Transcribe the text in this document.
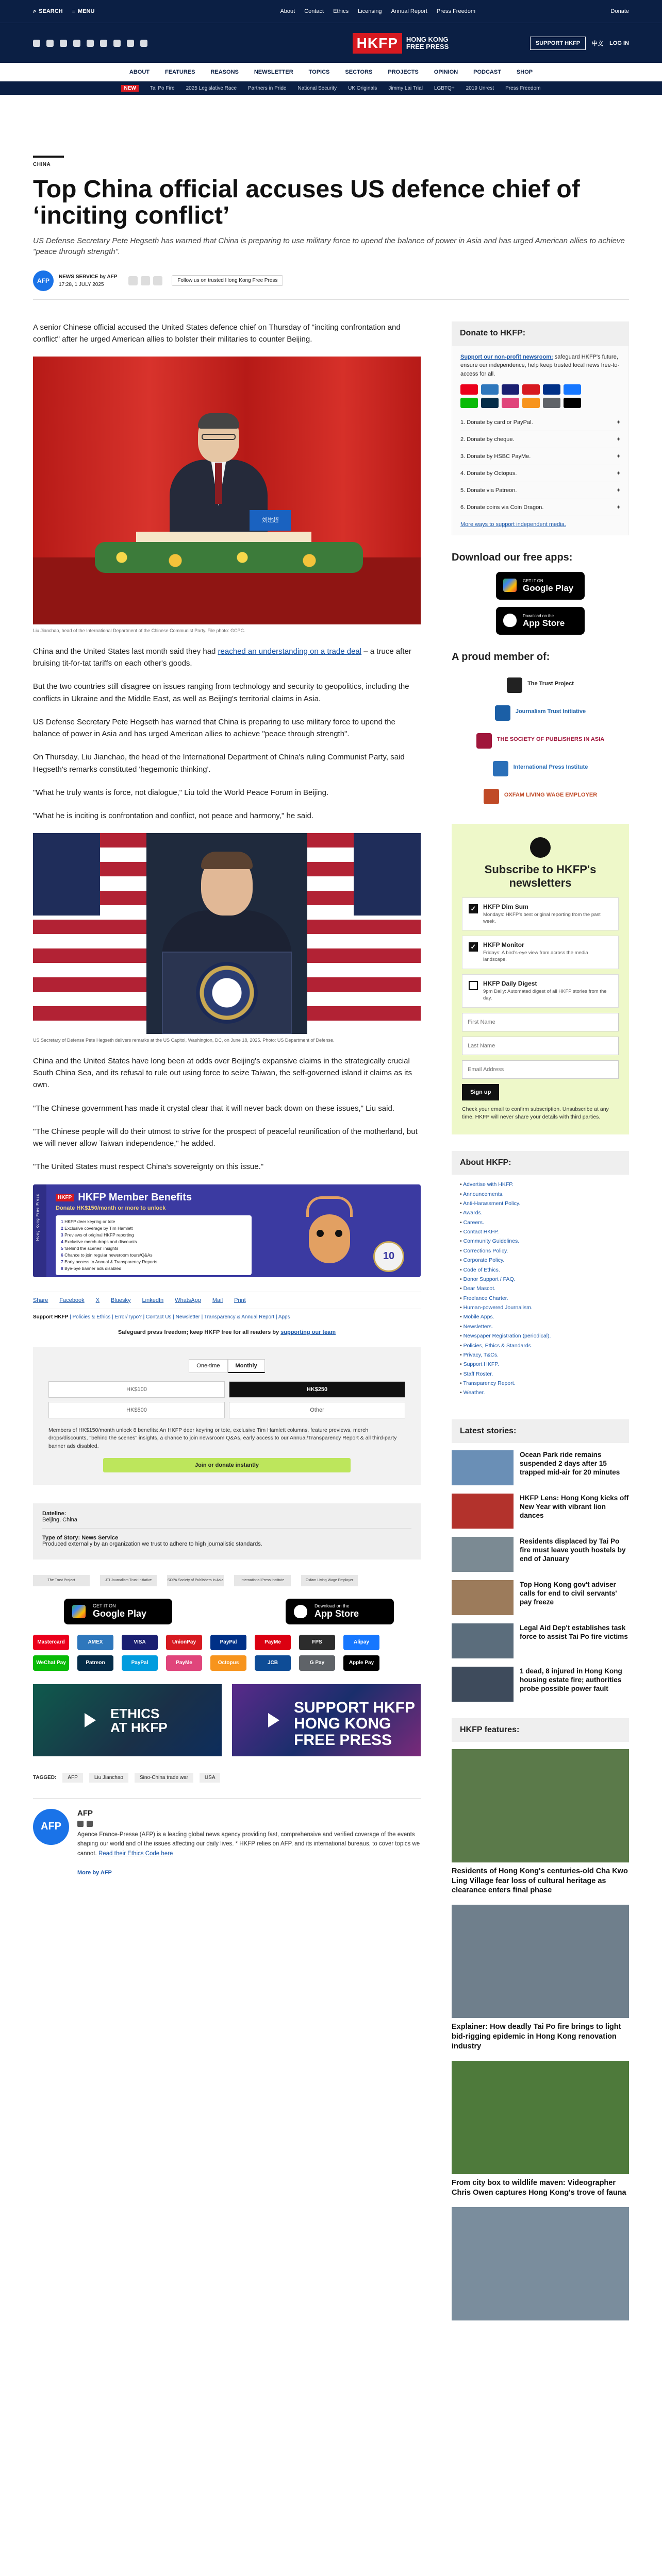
⌕ SEARCH ≡ MENU	About Contact Ethics Licensing Annual Report Press Freedom	Donate
HKFP	HONG KONG
FREE PRESS	SUPPORT HKFP	中文 LOG IN
ABOUT	FEATURES	REASONS	NEWSLETTER	TOPICS	SECTORS	PROJECTS	OPINION	PODCAST	SHOP
NEW	Tai Po Fire 2025 Legislative Race Partners in Pride National Security UK Originals Jimmy Lai Trial LGBTQ+ 2019 Unrest Press Freedom
CHINA
Top China official accuses US defence chief of ‘inciting conflict’
US Defense Secretary Pete Hegseth has warned that China is preparing to use military force to upend the balance of power in Asia and has urged American allies to achieve "peace through strength".
AFP
NEWS SERVICE by AFP
17:28, 1 JULY 2025
Follow us on trusted Hong Kong Free Press

A senior Chinese official accused the United States defence chief on Thursday of "inciting confrontation and conflict" after he urged American allies to bolster their militaries to counter Beijing.

刘建超
Liu Jianchao, head of the International Department of the Chinese Communist Party. File photo: GCPC.

China and the United States last month said they had reached an understanding on a trade deal – a truce after bruising tit-for-tat tariffs on each other's goods.

But the two countries still disagree on issues ranging from technology and security to geopolitics, including the conflicts in Ukraine and the Middle East, as well as Beijing's territorial claims in Asia.

US Defense Secretary Pete Hegseth has warned that China is preparing to use military force to upend the balance of power in Asia and has urged American allies to achieve "peace through strength".

On Thursday, Liu Jianchao, the head of the International Department of China's ruling Communist Party, said Hegseth's remarks constituted 'hegemonic thinking'.

"What he truly wants is force, not dialogue," Liu told the World Peace Forum in Beijing.

"What he is inciting is confrontation and conflict, not peace and harmony," he said.

US Secretary of Defense Pete Hegseth delivers remarks at the US Capitol, Washington, DC, on June 18, 2025. Photo: US Department of Defense.

China and the United States have long been at odds over Beijing's expansive claims in the strategically crucial South China Sea, and its refusal to rule out using force to seize Taiwan, the self-governed island it claims as its own.

"The Chinese government has made it crystal clear that it will never back down on these issues," Liu said.

"The Chinese people will do their utmost to strive for the prospect of peaceful reunification of the motherland, but we will never allow Taiwan independence," he added.

"The United States must respect China's sovereignty on this issue."

Hong Kong Free Press	HKFP HKFP Member Benefits
Donate HK$150/month or more to unlock
1 HKFP deer keyring or tote
2 Exclusive coverage by Tim Hamlett
3 Previews of original HKFP reporting
4 Exclusive merch drops and discounts
5 'Behind the scenes' insights
6 Chance to join regular newsroom tours/Q&As
7 Early access to Annual & Transparency Reports
8 Bye-bye banner ads disabled
10
Share Facebook X Bluesky LinkedIn WhatsApp Mail Print
Support HKFP | Policies & Ethics | Error/Typo? | Contact Us | Newsletter | Transparency & Annual Report | Apps
Safeguard press freedom; keep HKFP free for all readers by supporting our team
One-time	Monthly
HK$100	HK$250
HK$500	Other
Members of HK$150/month unlock 8 benefits: An HKFP deer keyring or tote, exclusive Tim Hamlett columns, feature previews, merch drops/discounts, "behind the scenes" insights, a chance to join newsroom Q&As, early access to our Annual/Transparency Report & all third-party banner ads disabled.
Join or donate instantly
Dateline:
Beijing, China
Type of Story: News Service
Produced externally by an organization we trust to adhere to high journalistic standards.
The Trust Project	JTI Journalism Trust Initiative	SOPA Society of Publishers in Asia	International Press Institute	Oxfam Living Wage Employer
GET IT ON
Google Play
Download on the
App Store
Mastercard	AMEX	VISA	UnionPay	PayPal	PayMe	FPS	Alipay
WeChat Pay	Patreon	PayPal	PayMe	Octopus	JCB	G Pay	Apple Pay
ETHICS
AT HKFP
SUPPORT HKFP
HONG KONG FREE PRESS
TAGGED:	AFP	Liu Jianchao	Sino-China trade war	USA
AFP
AFP

Agence France-Presse (AFP) is a leading global news agency providing fast, comprehensive and verified coverage of the events shaping our world and of the issues affecting our daily lives. * HKFP relies on AFP, and its international bureaus, to cover topics we cannot. Read their Ethics Code here

More by AFP
Donate to HKFP:
Support our non-profit newsroom: safeguard HKFP's future, ensure our independence, help keep trusted local news free-to-access for all.
1. Donate by card or PayPal.	+
2. Donate by cheque.	+
3. Donate by HSBC PayMe.	+
4. Donate by Octopus.	+
5. Donate via Patreon.	+
6. Donate coins via Coin Dragon.	+
More ways to support independent media.
Download our free apps:
GET IT ON
Google Play
Download on the
App Store
A proud member of:
The Trust Project
Journalism Trust Initiative
THE SOCIETY OF PUBLISHERS IN ASIA
International Press Institute
OXFAM LIVING WAGE EMPLOYER
Subscribe to HKFP's newsletters
✓ HKFP Dim Sum
Mondays: HKFP's best original reporting from the past week.
✓ HKFP Monitor
Fridays: A bird's-eye view from across the media landscape.
HKFP Daily Digest
9pm Daily: Automated digest of all HKFP stories from the day.
First Name Last Name Email Address Sign up
Check your email to confirm subscription. Unsubscribe at any time. HKFP will never share your details with third parties.
About HKFP:
• Advertise with HKFP.
• Announcements.
• Anti-Harassment Policy.
• Awards.
• Careers.
• Contact HKFP.
• Community Guidelines.
• Corrections Policy.
• Corporate Policy.
• Code of Ethics.
• Donor Support / FAQ.
• Dear Mascot.
• Freelance Charter.
• Human-powered Journalism.
• Mobile Apps.
• Newsletters.
• Newspaper Registration (periodical).
• Policies, Ethics & Standards.
• Privacy, T&Cs.
• Support HKFP.
• Staff Roster.
• Transparency Report.
• Weather.
Latest stories:
Ocean Park ride remains suspended 2 days after 15 trapped mid-air for 20 minutes
HKFP Lens: Hong Kong kicks off New Year with vibrant lion dances
Residents displaced by Tai Po fire must leave youth hostels by end of January
Top Hong Kong gov't adviser calls for end to civil servants' pay freeze
Legal Aid Dep't establishes task force to assist Tai Po fire victims
1 dead, 8 injured in Hong Kong housing estate fire; authorities probe possible power fault
HKFP features:
Residents of Hong Kong's centuries-old Cha Kwo Ling Village fear loss of cultural heritage as clearance enters final phase
Explainer: How deadly Tai Po fire brings to light bid-rigging epidemic in Hong Kong renovation industry
From city box to wildlife maven: Videographer Chris Owen captures Hong Kong's trove of fauna
